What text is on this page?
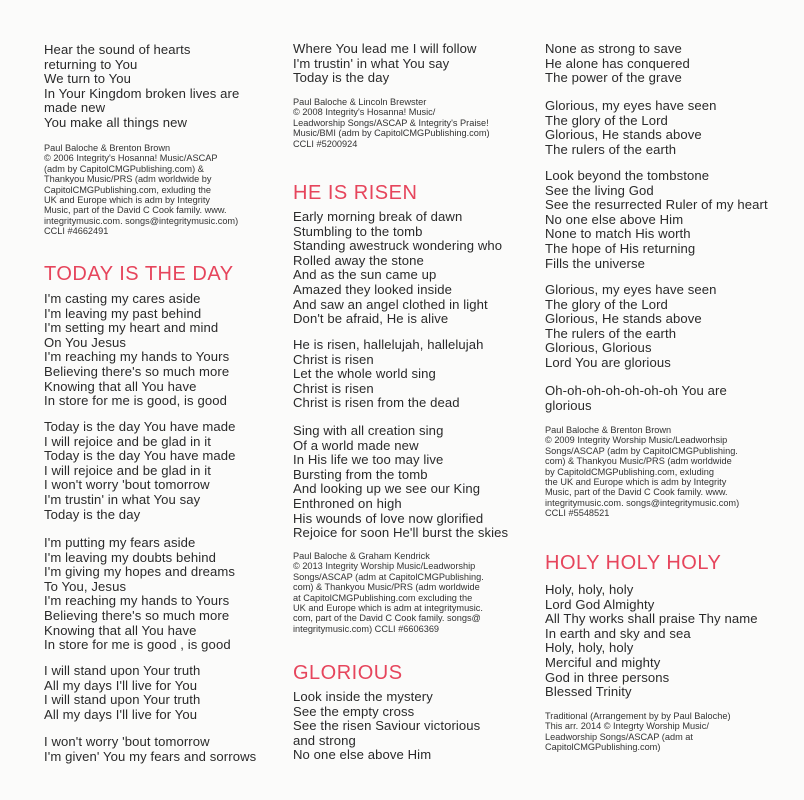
Hear the sound of hearts
returning to You
We turn to You
In Your Kingdom broken lives are
made new
You make all things new
Paul Baloche & Brenton Brown
© 2006 Integrity's Hosanna! Music/ASCAP
(adm by CapitolCMGPublishing.com) &
Thankyou Music/PRS (adm worldwide by
CapitolCMGPublishing.com, exluding the
UK and Europe which is adm by Integrity
Music, part of the David C Cook family. www.
integritymusic.com. songs@integritymusic.com)
CCLI #4662491
TODAY IS THE DAY
I'm casting my cares aside
I'm leaving my past behind
I'm setting my heart and mind
On You Jesus
I'm reaching my hands to Yours
Believing there's so much more
Knowing that all You have
In store for me is good, is good
Today is the day You have made
I will rejoice and be glad in it
Today is the day You have made
I will rejoice and be glad in it
I won't worry 'bout tomorrow
I'm trustin' in what You say
Today is the day
I'm putting my fears aside
I'm leaving my doubts behind
I'm giving my hopes and dreams
To You, Jesus
I'm reaching my hands to Yours
Believing there's so much more
Knowing that all You have
In store for me is good , is good
I will stand upon Your truth
All my days I'll live for You
I will stand upon Your truth
All my days I'll live for You
I won't worry 'bout tomorrow
I'm given' You my fears and sorrows
Where You lead me I will follow
I'm trustin' in what You say
Today is the day
Paul Baloche & Lincoln Brewster
© 2008 Integrity's Hosanna! Music/
Leadworship Songs/ASCAP & Integrity's Praise!
Music/BMI (adm by CapitolCMGPublishing.com)
CCLI #5200924
HE IS RISEN
Early morning break of dawn
Stumbling to the tomb
Standing awestruck wondering who
Rolled away the stone
And as the sun came up
Amazed they looked inside
And saw an angel clothed in light
Don't be afraid, He is alive
He is risen, hallelujah, hallelujah
Christ is risen
Let the whole world sing
Christ is risen
Christ is risen from the dead
Sing with all creation sing
Of a world made new
In His life we too may live
Bursting from the tomb
And looking up we see our King
Enthroned on high
His wounds of love now glorified
Rejoice for soon He'll burst the skies
Paul Baloche & Graham Kendrick
© 2013 Integrity Worship Music/Leadworship
Songs/ASCAP (adm at CapitolCMGPublishing.
com) & Thankyou Music/PRS (adm worldwide
at CapitolCMGPublishing.com excluding the
UK and Europe which is adm at integritymusic.
com, part of the David C Cook family. songs@
integritymusic.com) CCLI #6606369
GLORIOUS
Look inside the mystery
See the empty cross
See the risen Saviour victorious
and strong
No one else above Him
None as strong to save
He alone has conquered
The power of the grave
Glorious, my eyes have seen
The glory of the Lord
Glorious, He stands above
The rulers of the earth
Look beyond the tombstone
See the living God
See the resurrected Ruler of my heart
No one else above Him
None to match His worth
The hope of His returning
Fills the universe
Glorious, my eyes have seen
The glory of the Lord
Glorious, He stands above
The rulers of the earth
Glorious, Glorious
Lord You are glorious
Oh-oh-oh-oh-oh-oh-oh You are
glorious
Paul Baloche & Brenton Brown
© 2009 Integrity Worship Music/Leadworhsip
Songs/ASCAP (adm by CapitolCMGPublishing.
com) & Thankyou Music/PRS (adm worldwide
by CapitoldCMGPublishing.com, exluding
the UK and Europe which is adm by Integrity
Music, part of the David C Cook family. www.
integritymusic.com. songs@integritymusic.com)
CCLI #5548521
HOLY HOLY HOLY
Holy, holy, holy
Lord God Almighty
All Thy works shall praise Thy name
In earth and sky and sea
Holy, holy, holy
Merciful and mighty
God in three persons
Blessed Trinity
Traditional (Arrangement by by Paul Baloche)
This arr. 2014 © Integrty Worship Music/
Leadworship Songs/ASCAP (adm at
CapitolCMGPublishing.com)
